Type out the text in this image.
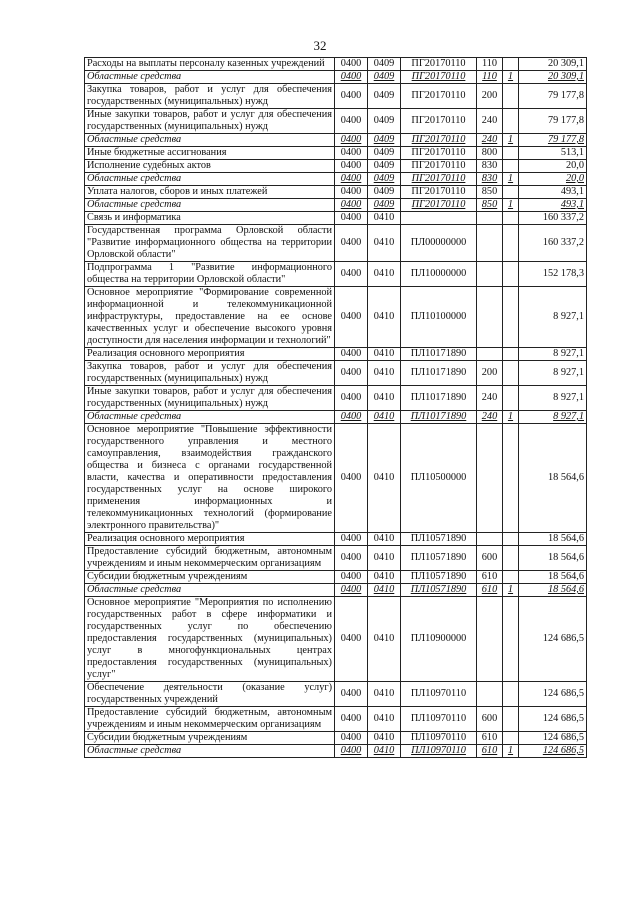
32
Расходы на выплаты персоналу казенных учреждений	0400	0409	ПГ20170110	110		20 309,1
Областные средства	0400	0409	ПГ20170110	110	1	20 309,1
Закупка товаров, работ и услуг для обеспечения государственных (муниципальных) нужд	0400	0409	ПГ20170110	200		79 177,8
Иные закупки товаров, работ и услуг для обеспечения государственных (муниципальных) нужд	0400	0409	ПГ20170110	240		79 177,8
Областные средства	0400	0409	ПГ20170110	240	1	79 177,8
Иные бюджетные ассигнования	0400	0409	ПГ20170110	800		513,1
Исполнение судебных актов	0400	0409	ПГ20170110	830		20,0
Областные средства	0400	0409	ПГ20170110	830	1	20,0
Уплата налогов, сборов и иных платежей	0400	0409	ПГ20170110	850		493,1
Областные средства	0400	0409	ПГ20170110	850	1	493,1
Связь и информатика	0400	0410				160 337,2
Государственная программа Орловской области "Развитие информационного общества на территории Орловской области"	0400	0410	ПЛ00000000			160 337,2
Подпрограмма 1 "Развитие информационного общества на территории Орловской области"	0400	0410	ПЛ10000000			152 178,3
Основное мероприятие "Формирование современной информационной и телекоммуникационной инфраструктуры, предоставление на ее основе качественных услуг и обеспечение высокого уровня доступности для населения информации и технологий"	0400	0410	ПЛ10100000			8 927,1
Реализация основного мероприятия	0400	0410	ПЛ10171890			8 927,1
Закупка товаров, работ и услуг для обеспечения государственных (муниципальных) нужд	0400	0410	ПЛ10171890	200		8 927,1
Иные закупки товаров, работ и услуг для обеспечения государственных (муниципальных) нужд	0400	0410	ПЛ10171890	240		8 927,1
Областные средства	0400	0410	ПЛ10171890	240	1	8 927,1
Основное мероприятие "Повышение эффективности государственного управления и местного самоуправления, взаимодействия гражданского общества и бизнеса с органами государственной власти, качества и оперативности предоставления государственных услуг на основе широкого применения информационных и телекоммуникационных технологий (формирование электронного правительства)"	0400	0410	ПЛ10500000			18 564,6
Реализация основного мероприятия	0400	0410	ПЛ10571890			18 564,6
Предоставление субсидий бюджетным, автономным учреждениям и иным некоммерческим организациям	0400	0410	ПЛ10571890	600		18 564,6
Субсидии бюджетным учреждениям	0400	0410	ПЛ10571890	610		18 564,6
Областные средства	0400	0410	ПЛ10571890	610	1	18 564,6
Основное мероприятие "Мероприятия по исполнению государственных работ в сфере информатики и государственных услуг по обеспечению предоставления государственных (муниципальных) услуг в многофункциональных центрах предоставления государственных (муниципальных) услуг"	0400	0410	ПЛ10900000			124 686,5
Обеспечение деятельности (оказание услуг) государственных учреждений	0400	0410	ПЛ10970110			124 686,5
Предоставление субсидий бюджетным, автономным учреждениям и иным некоммерческим организациям	0400	0410	ПЛ10970110	600		124 686,5
Субсидии бюджетным учреждениям	0400	0410	ПЛ10970110	610		124 686,5
Областные средства	0400	0410	ПЛ10970110	610	1	124 686,5
